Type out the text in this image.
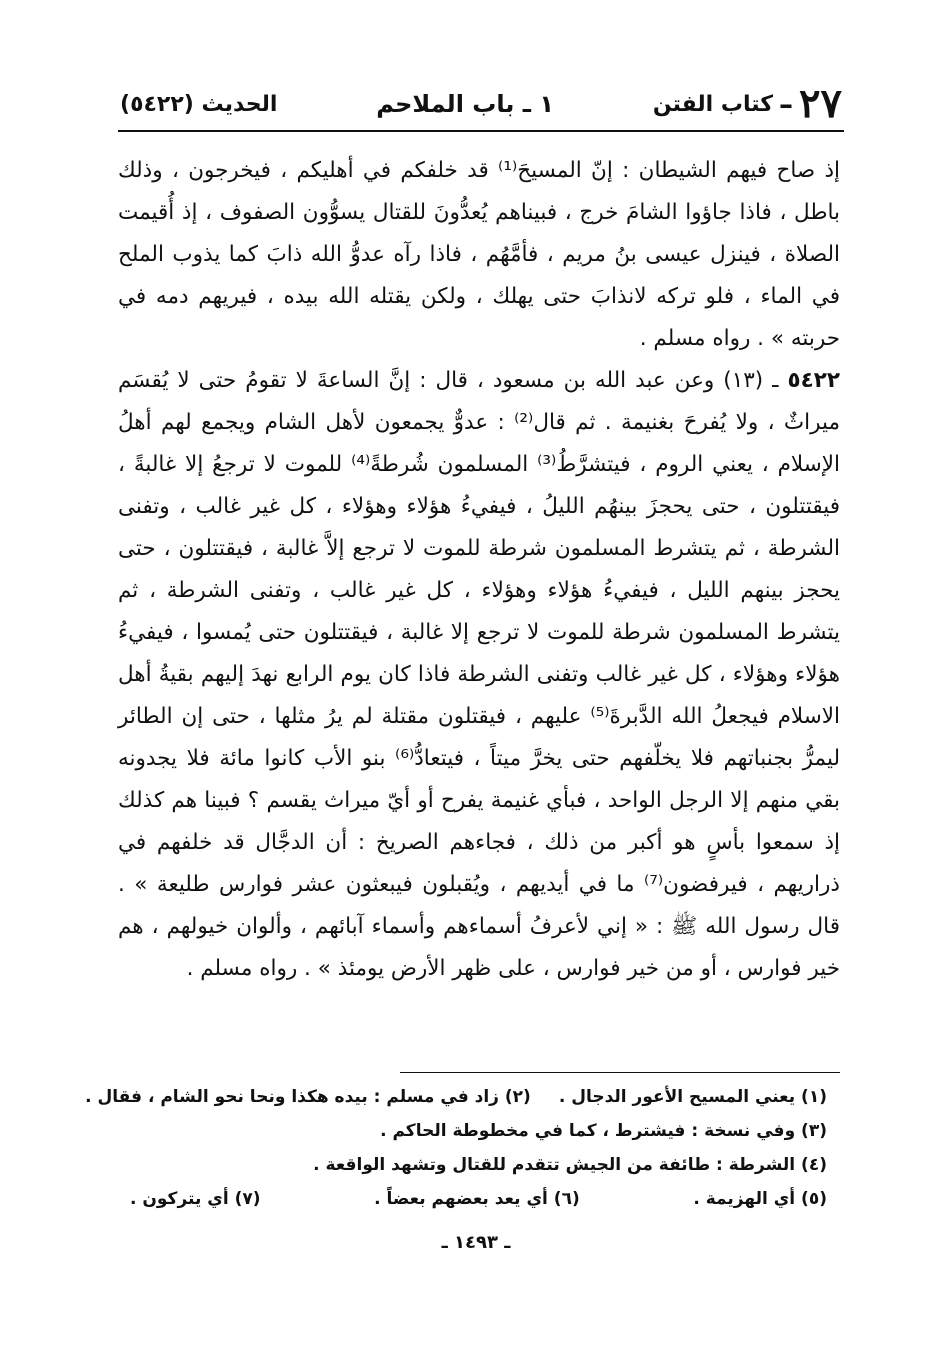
٢٧
–
كتاب الفتن
١ ـ باب الملاحم
الحديث (٥٤٢٢)

إذ صاح فيهم الشيطان : إنّ المسيحَ⁽¹⁾ قد خلفكم في أهليكم ، فيخرجون ، وذلك باطل ، فاذا جاؤوا الشامَ خرج ، فبيناهم يُعدُّونَ للقتال يسوُّون الصفوف ، إذ أُقيمت الصلاة ، فينزل عيسى بنُ مريم ، فأمَّهُم ، فاذا رآه عدوُّ الله ذابَ كما يذوب الملح في الماء ، فلو تركه لانذابَ حتى يهلك ، ولكن يقتله الله بيده ، فيريهم دمه في حربته » . رواه مسلم .

٥٤٢٢ ـ (١٣) وعن عبد الله بن مسعود ، قال : إنَّ الساعةَ لا تقومُ حتى لا يُقسَم ميراثٌ ، ولا يُفرحَ بغنيمة . ثم قال⁽²⁾ : عدوٌّ يجمعون لأهل الشام ويجمع لهم أهلُ الإسلام ، يعني الروم ، فيتشرَّطُ⁽³⁾ المسلمون شُرطةً⁽⁴⁾ للموت لا ترجعُ إلا غالبةً ، فيقتتلون ، حتى يحجزَ بينهُم الليلُ ، فيفيءُ هؤلاء وهؤلاء ، كل غير غالب ، وتفنى الشرطة ، ثم يتشرط المسلمون شرطة للموت لا ترجع إلاَّ غالبة ، فيقتتلون ، حتى يحجز بينهم الليل ، فيفيءُ هؤلاء وهؤلاء ، كل غير غالب ، وتفنى الشرطة ، ثم يتشرط المسلمون شرطة للموت لا ترجع إلا غالبة ، فيقتتلون حتى يُمسوا ، فيفيءُ هؤلاء وهؤلاء ، كل غير غالب وتفنى الشرطة فاذا كان يوم الرابع نهدَ إليهم بقيةُ أهل الاسلام فيجعلُ الله الدَّبرةَ⁽⁵⁾ عليهم ، فيقتلون مقتلة لم يرُ مثلها ، حتى إن الطائر ليمرُّ بجنباتهم فلا يخلّفهم حتى يخرَّ ميتاً ، فيتعادُّ⁽⁶⁾ بنو الأب كانوا مائة فلا يجدونه بقي منهم إلا الرجل الواحد ، فبأي غنيمة يفرح أو أيّ ميراث يقسم ؟ فبينا هم كذلك إذ سمعوا بأسٍ هو أكبر من ذلك ، فجاءهم الصريخ : أن الدجَّال قد خلفهم في ذراريهم ، فيرفضون⁽⁷⁾ ما في أيديهم ، ويُقبلون فيبعثون عشر فوارس طليعة » . قال رسول الله ﷺ : « إني لأعرفُ أسماءهم وأسماء آبائهم ، وألوان خيولهم ، هم خير فوارس ، أو من خير فوارس ، على ظهر الأرض يومئذ » . رواه مسلم .

(١) يعني المسيح الأعور الدجال .
(٢) زاد في مسلم : بيده هكذا ونحا نحو الشام ، فقال .
(٣) وفي نسخة : فيشترط ، كما في مخطوطة الحاكم .
(٤) الشرطة : طائفة من الجيش تتقدم للقتال وتشهد الواقعة .
(٥) أي الهزيمة .
(٦) أي يعد بعضهم بعضاً .
(٧) أي يتركون .
ـ ١٤٩٣ ـ
